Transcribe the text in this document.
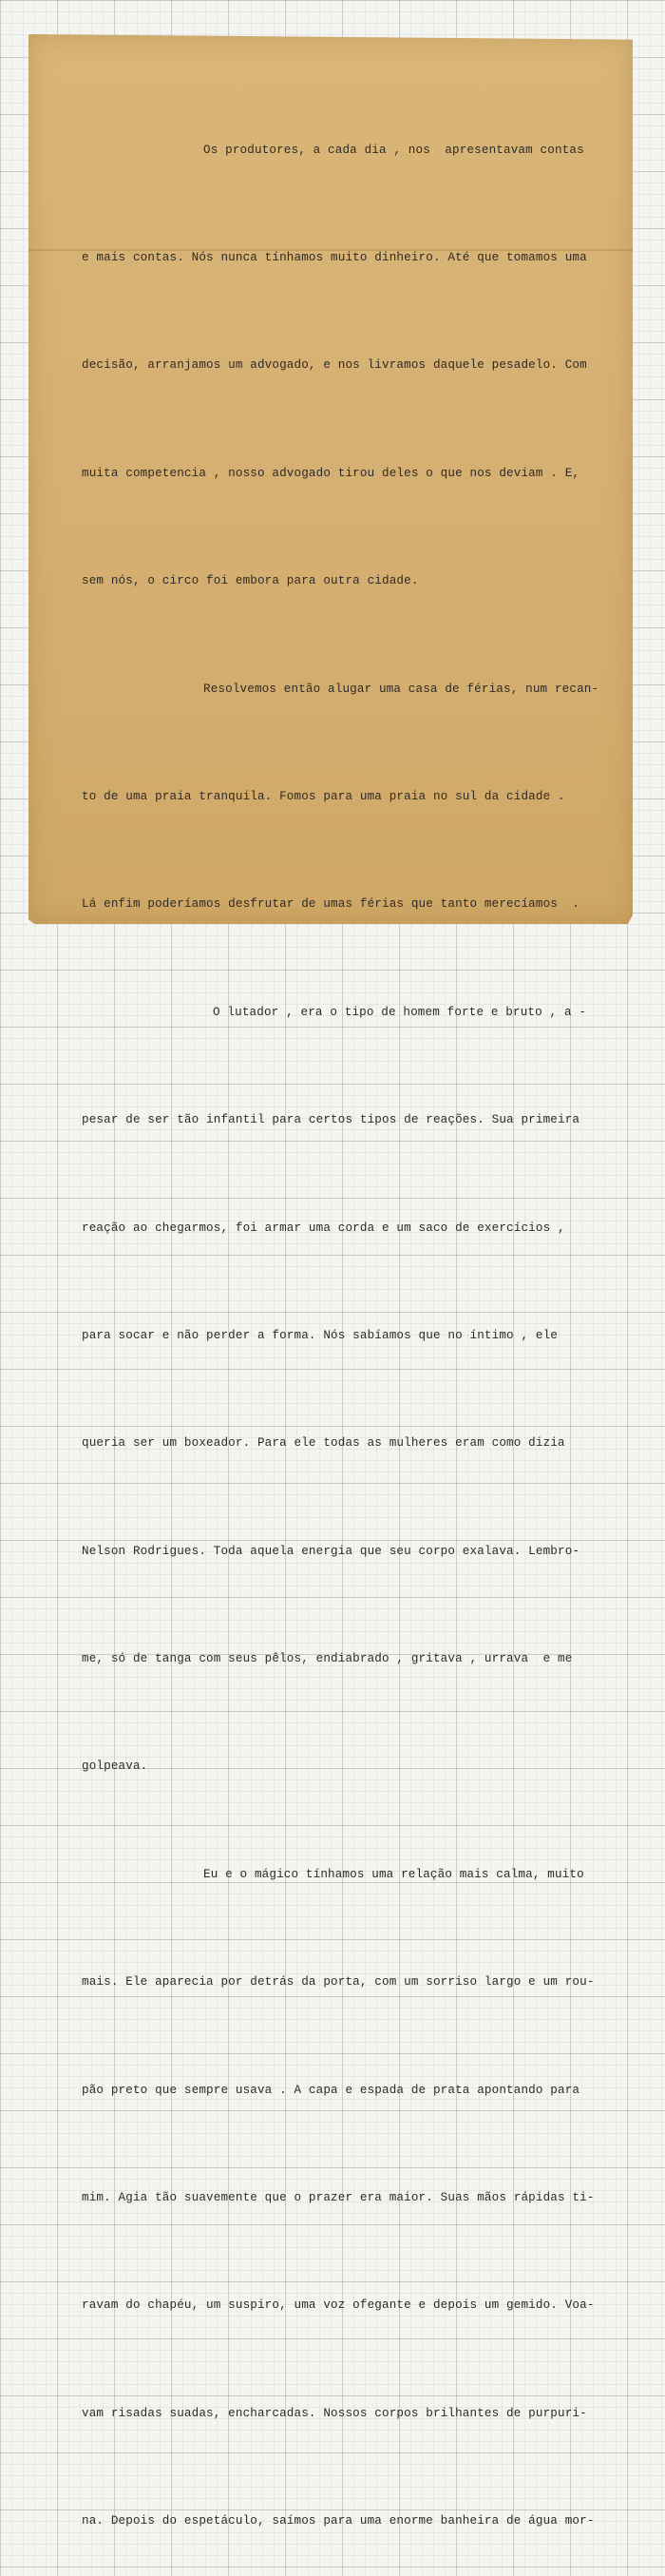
Os produtores, a cada dia , nos  apresentavam contas

e mais contas. Nós nunca tínhamos muito dinheiro. Até que tomamos uma

decisão, arranjamos um advogado, e nos livramos daquele pesadelo. Com

muita competencia , nosso advogado tirou deles o que nos deviam . E,

sem nós, o circo foi embora para outra cidade.

Resolvemos então alugar uma casa de férias, num recan-

to de uma praia tranquila. Fomos para uma praia no sul da cidade .

Lá enfim poderíamos desfrutar de umas férias que tanto merecíamos  .

O lutador , era o tipo de homem forte e bruto , a -

pesar de ser tão infantil para certos tipos de reações. Sua primeira

reação ao chegarmos, foi armar uma corda e um saco de exercícios ,

para socar e não perder a forma. Nós sabíamos que no íntimo , ele

queria ser um boxeador. Para ele todas as mulheres eram como dizia

Nelson Rodrigues. Toda aquela energia que seu corpo exalava. Lembro-

me, só de tanga com seus pêlos, endiabrado , gritava , urrava  e me

golpeava.

Eu e o mágico tínhamos uma relação mais calma, muito

mais. Ele aparecia por detrás da porta, com um sorriso largo e um rou-

pão preto que sempre usava . A capa e espada de prata apontando para

mim. Agia tão suavemente que o prazer era maior. Suas mãos rápidas ti-

ravam do chapéu, um suspiro, uma voz ofegante e depois um gemido. Voa-

vam risadas suadas, encharcadas. Nossos corpos brilhantes de purpuri-

na. Depois do espetáculo, saímos para uma enorme banheira de água mor-
